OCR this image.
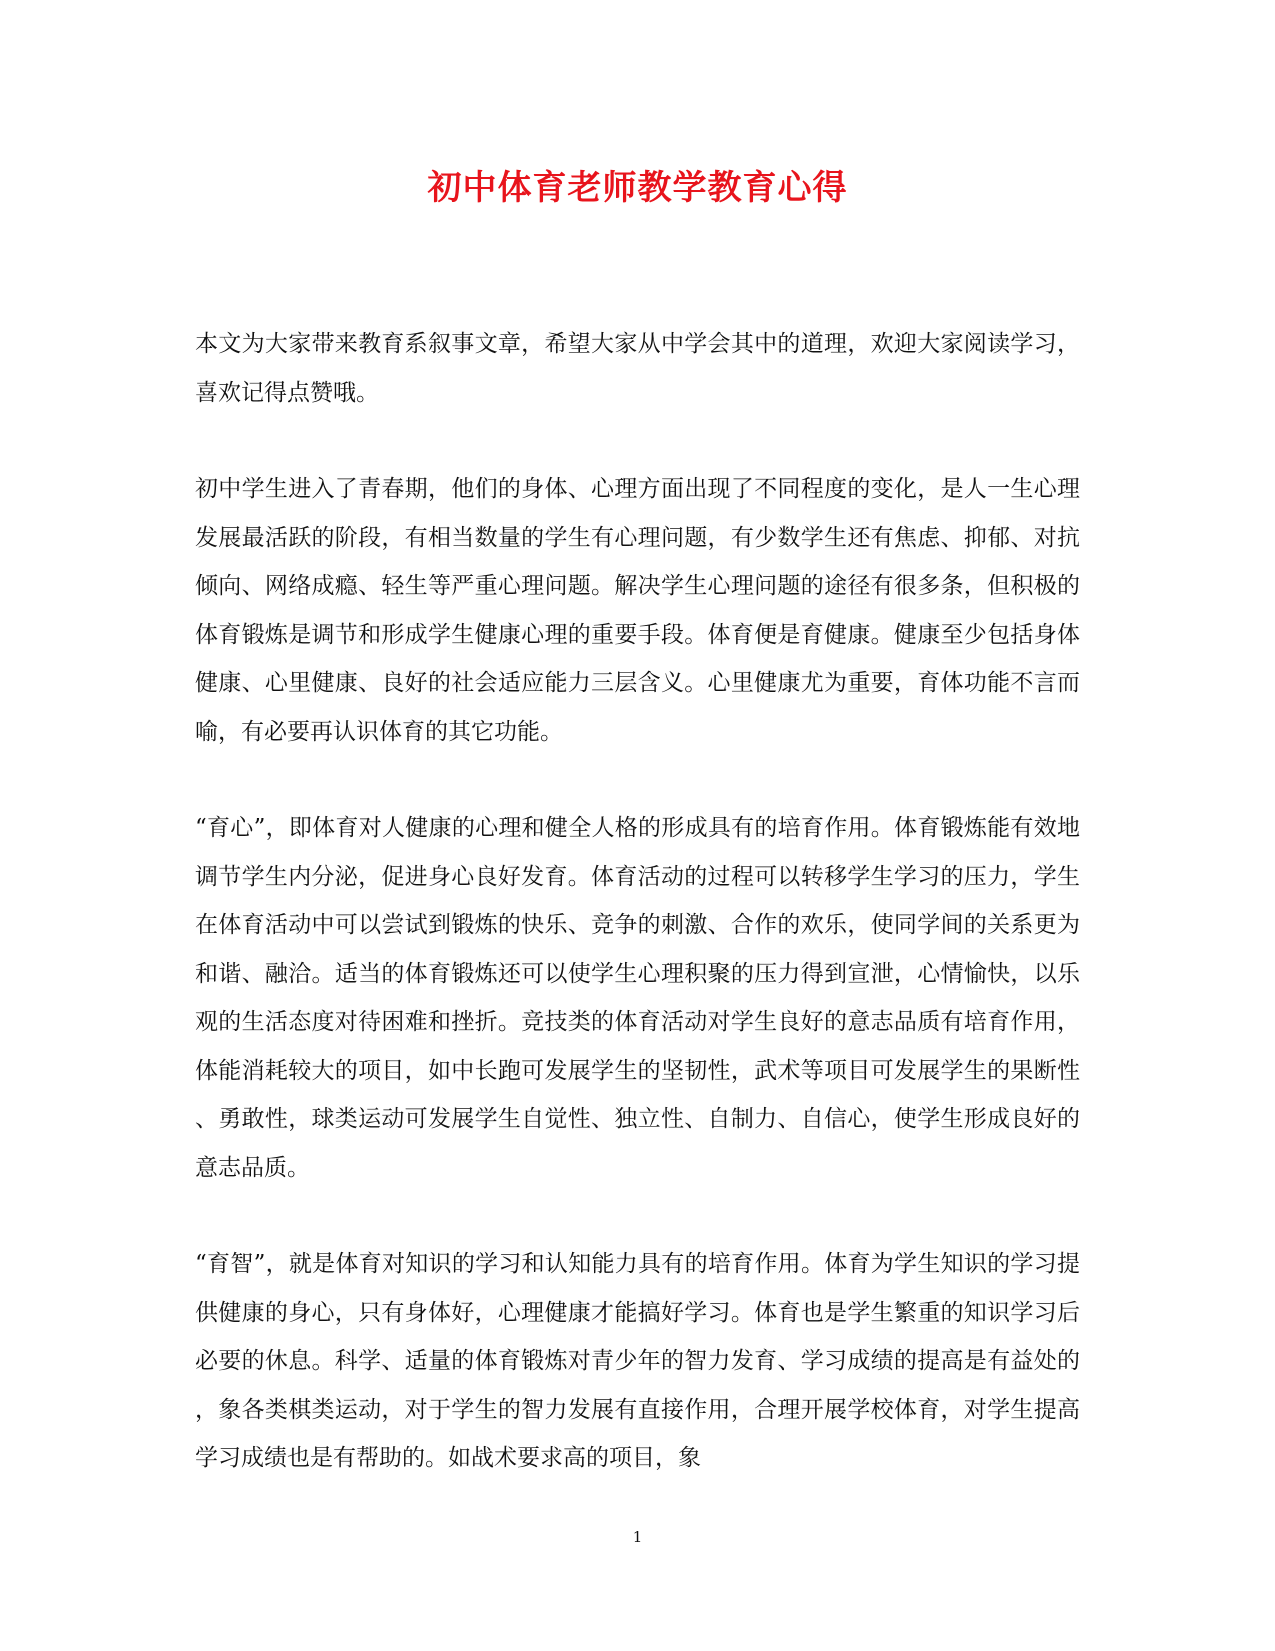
初中体育老师教学教育心得

本文为大家带来教育系叙事文章，希望大家从中学会其中的道理，欢迎大家阅读学习，喜欢记得点赞哦。

初中学生进入了青春期，他们的身体、心理方面出现了不同程度的变化，是人一生心理发展最活跃的阶段，有相当数量的学生有心理问题，有少数学生还有焦虑、抑郁、对抗倾向、网络成瘾、轻生等严重心理问题。解决学生心理问题的途径有很多条，但积极的体育锻炼是调节和形成学生健康心理的重要手段。体育便是育健康。健康至少包括身体健康、心里健康、良好的社会适应能力三层含义。心里健康尤为重要，育体功能不言而喻，有必要再认识体育的其它功能。

“育心”，即体育对人健康的心理和健全人格的形成具有的培育作用。体育锻炼能有效地调节学生内分泌，促进身心良好发育。体育活动的过程可以转移学生学习的压力，学生在体育活动中可以尝试到锻炼的快乐、竞争的刺激、合作的欢乐，使同学间的关系更为和谐、融洽。适当的体育锻炼还可以使学生心理积聚的压力得到宣泄，心情愉快，以乐观的生活态度对待困难和挫折。竞技类的体育活动对学生良好的意志品质有培育作用，体能消耗较大的项目，如中长跑可发展学生的坚韧性，武术等项目可发展学生的果断性、勇敢性，球类运动可发展学生自觉性、独立性、自制力、自信心，使学生形成良好的意志品质。

“育智”，就是体育对知识的学习和认知能力具有的培育作用。体育为学生知识的学习提供健康的身心，只有身体好，心理健康才能搞好学习。体育也是学生繁重的知识学习后必要的休息。科学、适量的体育锻炼对青少年的智力发育、学习成绩的提高是有益处的，象各类棋类运动，对于学生的智力发展有直接作用，合理开展学校体育，对学生提高学习成绩也是有帮助的。如战术要求高的项目，象

1
